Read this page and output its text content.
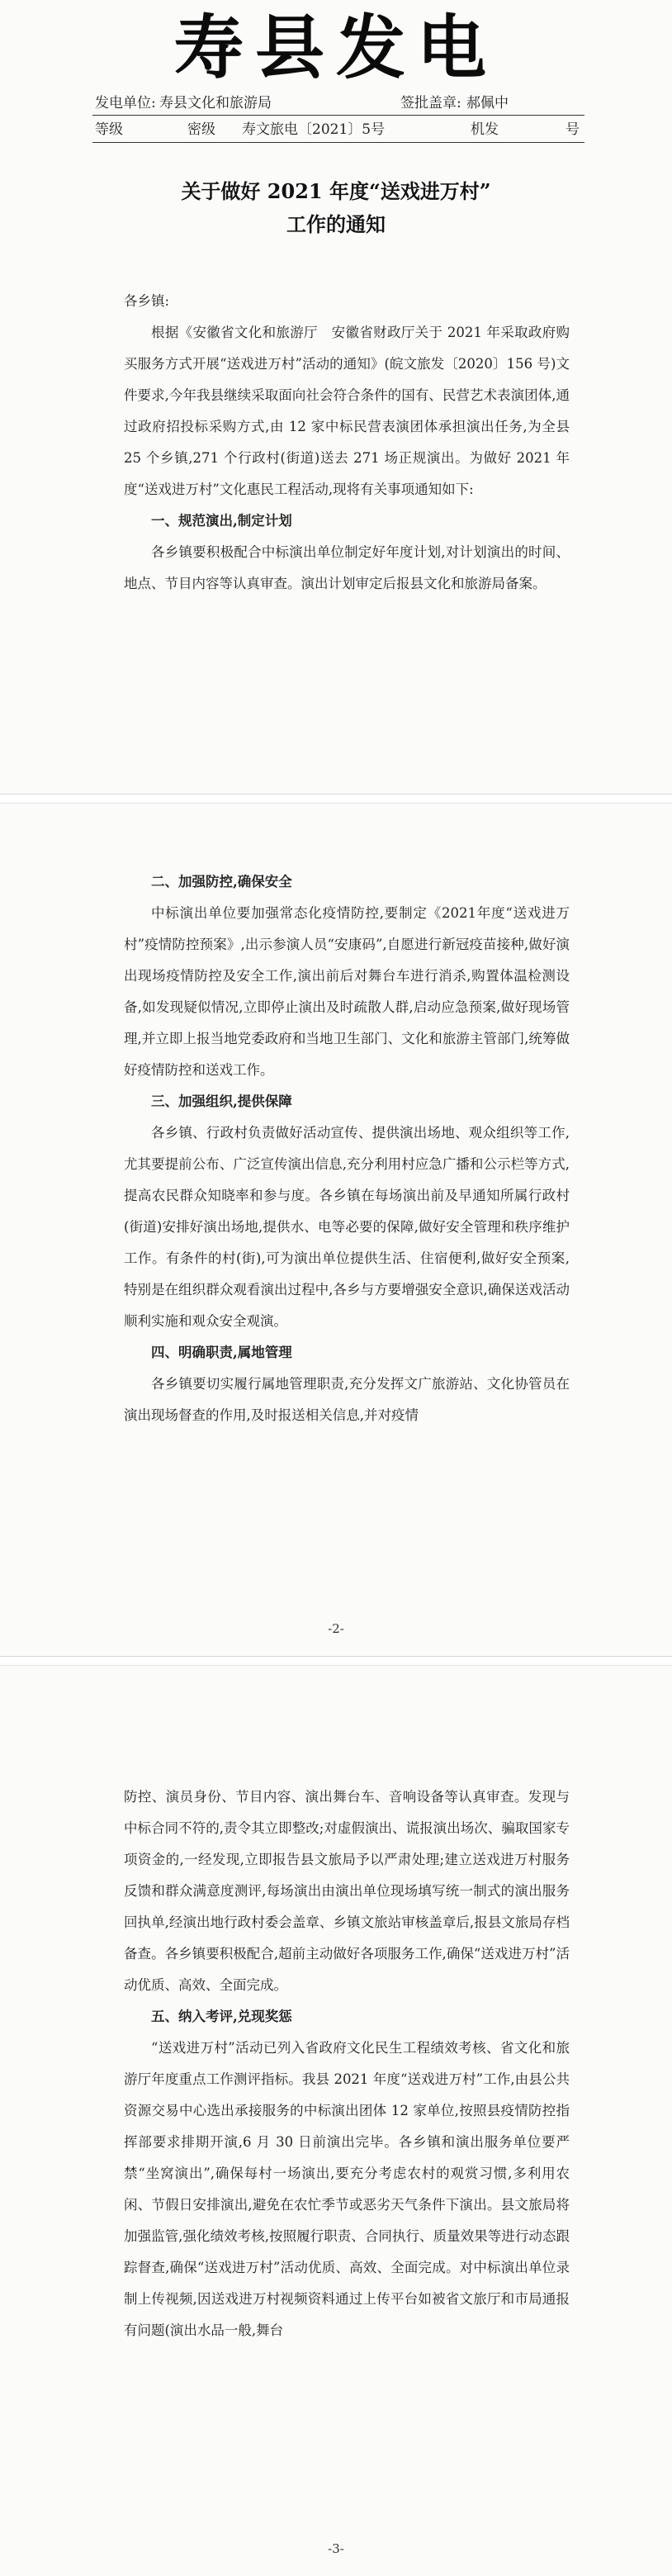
寿县发电
发电单位: 寿县文化和旅游局	签批盖章: 郝佩中
等级	密级 寿文旅电〔2021〕5号	机发	号
关于做好 2021 年度“送戏进万村”
工作的通知

各乡镇:

根据《安徽省文化和旅游厅　安徽省财政厅关于 2021 年采取政府购买服务方式开展“送戏进万村”活动的通知》(皖文旅发〔2020〕156 号)文件要求,今年我县继续采取面向社会符合条件的国有、民营艺术表演团体,通过政府招投标采购方式,由 12 家中标民营表演团体承担演出任务,为全县 25 个乡镇,271 个行政村(街道)送去 271 场正规演出。为做好 2021 年度“送戏进万村”文化惠民工程活动,现将有关事项通知如下:

一、规范演出,制定计划

各乡镇要积极配合中标演出单位制定好年度计划,对计划演出的时间、地点、节目内容等认真审查。演出计划审定后报县文化和旅游局备案。

二、加强防控,确保安全

中标演出单位要加强常态化疫情防控,要制定《2021年度“送戏进万村”疫情防控预案》,出示参演人员“安康码”,自愿进行新冠疫苗接种,做好演出现场疫情防控及安全工作,演出前后对舞台车进行消杀,购置体温检测设备,如发现疑似情况,立即停止演出及时疏散人群,启动应急预案,做好现场管理,并立即上报当地党委政府和当地卫生部门、文化和旅游主管部门,统筹做好疫情防控和送戏工作。

三、加强组织,提供保障

各乡镇、行政村负责做好活动宣传、提供演出场地、观众组织等工作,尤其要提前公布、广泛宣传演出信息,充分利用村应急广播和公示栏等方式,提高农民群众知晓率和参与度。各乡镇在每场演出前及早通知所属行政村(街道)安排好演出场地,提供水、电等必要的保障,做好安全管理和秩序维护工作。有条件的村(街),可为演出单位提供生活、住宿便利,做好安全预案,特别是在组织群众观看演出过程中,各乡与方要增强安全意识,确保送戏活动顺利实施和观众安全观演。

四、明确职责,属地管理

各乡镇要切实履行属地管理职责,充分发挥文广旅游站、文化协管员在演出现场督查的作用,及时报送相关信息,并对疫情

-2-

防控、演员身份、节目内容、演出舞台车、音响设备等认真审查。发现与中标合同不符的,责令其立即整改;对虚假演出、谎报演出场次、骗取国家专项资金的,一经发现,立即报告县文旅局予以严肃处理;建立送戏进万村服务反馈和群众满意度测评,每场演出由演出单位现场填写统一制式的演出服务回执单,经演出地行政村委会盖章、乡镇文旅站审核盖章后,报县文旅局存档备查。各乡镇要积极配合,超前主动做好各项服务工作,确保“送戏进万村”活动优质、高效、全面完成。

五、纳入考评,兑现奖惩

“送戏进万村”活动已列入省政府文化民生工程绩效考核、省文化和旅游厅年度重点工作测评指标。我县 2021 年度“送戏进万村”工作,由县公共资源交易中心选出承接服务的中标演出团体 12 家单位,按照县疫情防控指挥部要求排期开演,6 月 30 日前演出完毕。各乡镇和演出服务单位要严禁“坐窝演出”,确保每村一场演出,要充分考虑农村的观赏习惯,多利用农闲、节假日安排演出,避免在农忙季节或恶劣天气条件下演出。县文旅局将加强监管,强化绩效考核,按照履行职责、合同执行、质量效果等进行动态跟踪督查,确保“送戏进万村”活动优质、高效、全面完成。对中标演出单位录制上传视频,因送戏进万村视频资料通过上传平台如被省文旅厅和市局通报有问题(演出水品一般,舞台

-3-
